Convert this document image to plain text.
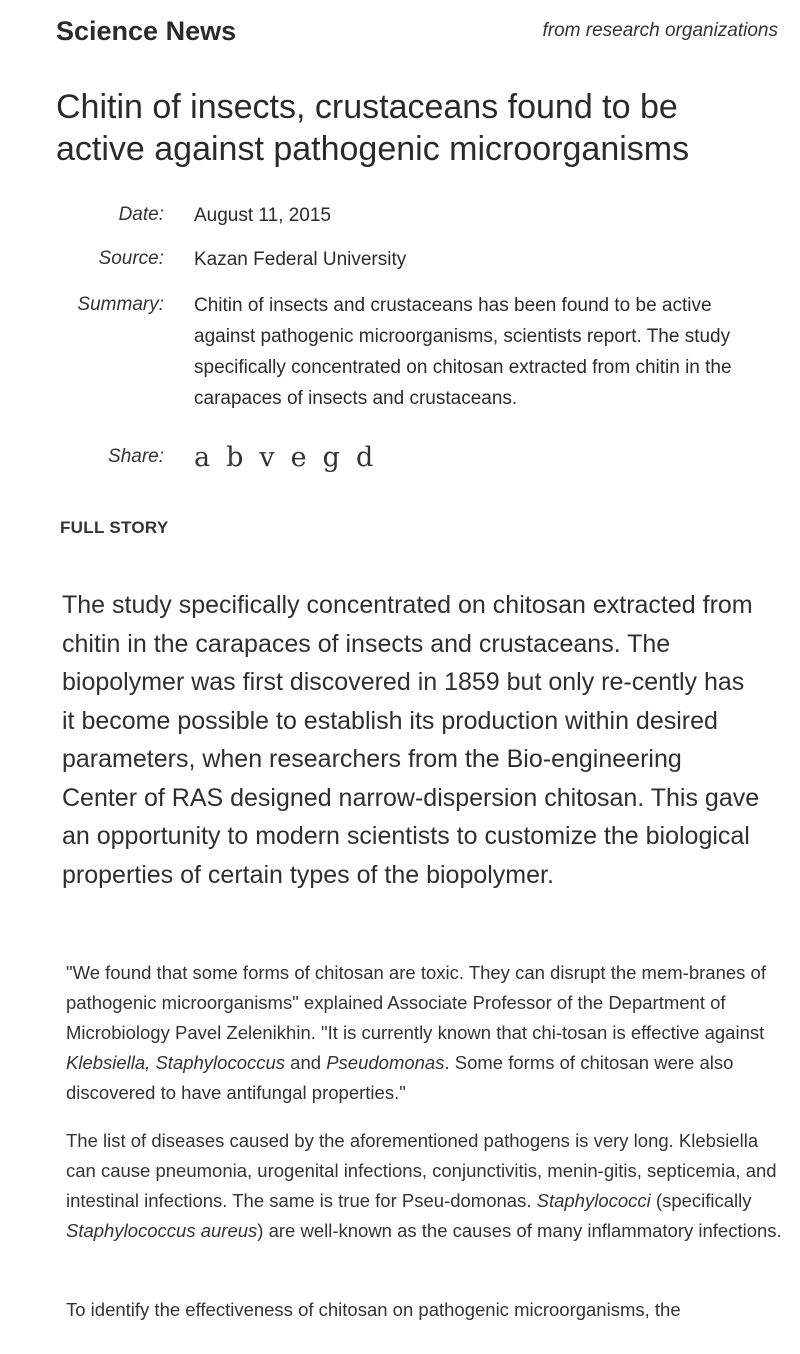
Science News	from research organizations
Chitin of insects, crustaceans found to be active against pathogenic microorganisms
Date: August 11, 2015
Source: Kazan Federal University
Summary: Chitin of insects and crustaceans has been found to be active against pathogenic microorganisms, scientists report. The study specifically concentrated on chitosan extracted from chitin in the carapaces of insects and crustaceans.
Share: a b v e g d
FULL STORY

The study specifically concentrated on chitosan extracted from chitin in the carapaces of insects and crustaceans. The biopolymer was first discovered in 1859 but only re-cently has it become possible to establish its production within desired parameters, when researchers from the Bio-engineering Center of RAS designed narrow-dispersion chitosan. This gave an opportunity to modern scientists to customize the biological properties of certain types of the biopolymer.

"We found that some forms of chitosan are toxic. They can disrupt the mem-branes of pathogenic microorganisms" explained Associate Professor of the Department of Microbiology Pavel Zelenikhin. "It is currently known that chi-tosan is effective against Klebsiella, Staphylococcus and Pseudomonas. Some forms of chitosan were also discovered to have antifungal properties."

The list of diseases caused by the aforementioned pathogens is very long. Klebsiella can cause pneumonia, urogenital infections, conjunctivitis, menin-gitis, septicemia, and intestinal infections. The same is true for Pseu-domonas. Staphylococci (specifically Staphylococcus aureus) are well-known as the causes of many inflammatory infections.

To identify the effectiveness of chitosan on pathogenic microorganisms, the
